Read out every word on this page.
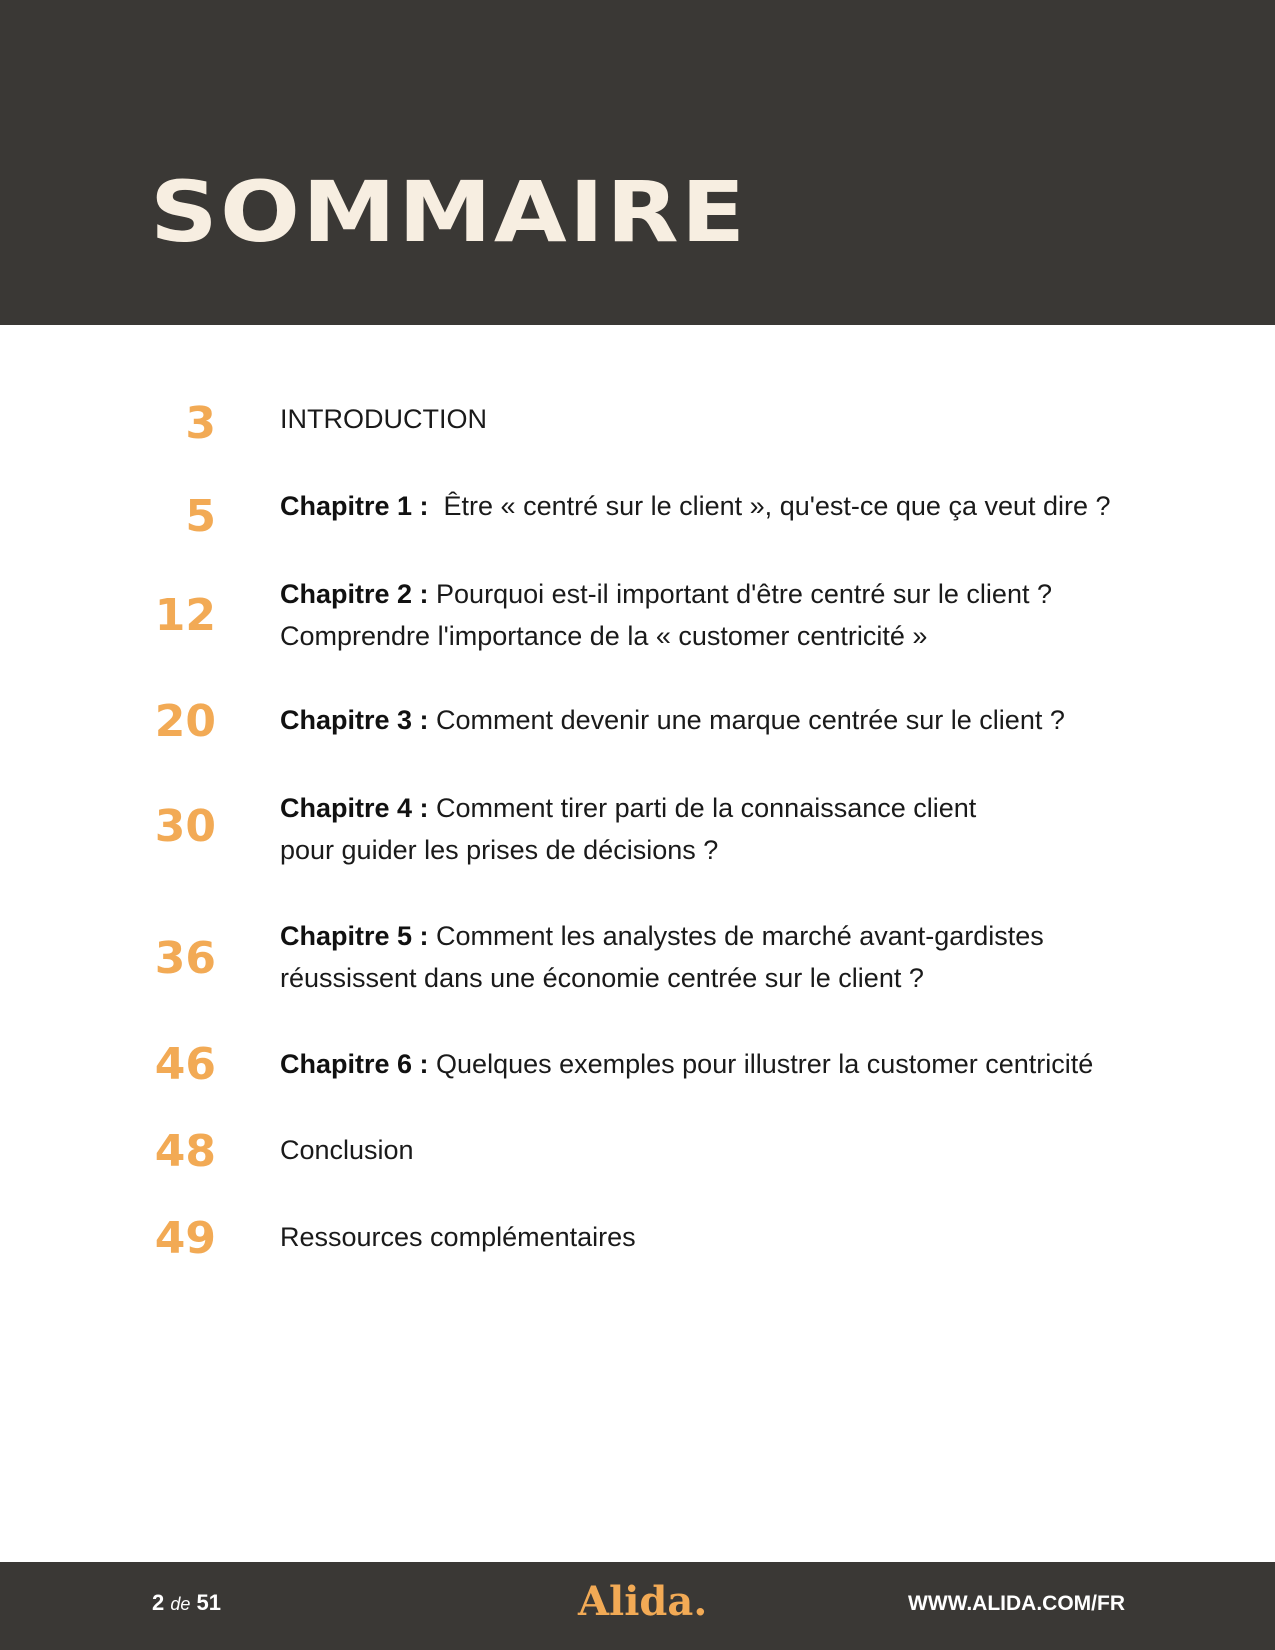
SOMMAIRE
3 INTRODUCTION
5 Chapitre 1 :  Être « centré sur le client », qu'est-ce que ça veut dire ?
12 Chapitre 2 : Pourquoi est-il important d'être centré sur le client ?
Comprendre l'importance de la « customer centricité »
20 Chapitre 3 : Comment devenir une marque centrée sur le client ?
30 Chapitre 4 : Comment tirer parti de la connaissance client
pour guider les prises de décisions ?
36 Chapitre 5 : Comment les analystes de marché avant-gardistes
réussissent dans une économie centrée sur le client ?
46 Chapitre 6 : Quelques exemples pour illustrer la customer centricité
48 Conclusion
49 Ressources complémentaires
2 de 51	Alida.	WWW.ALIDA.COM/FR
